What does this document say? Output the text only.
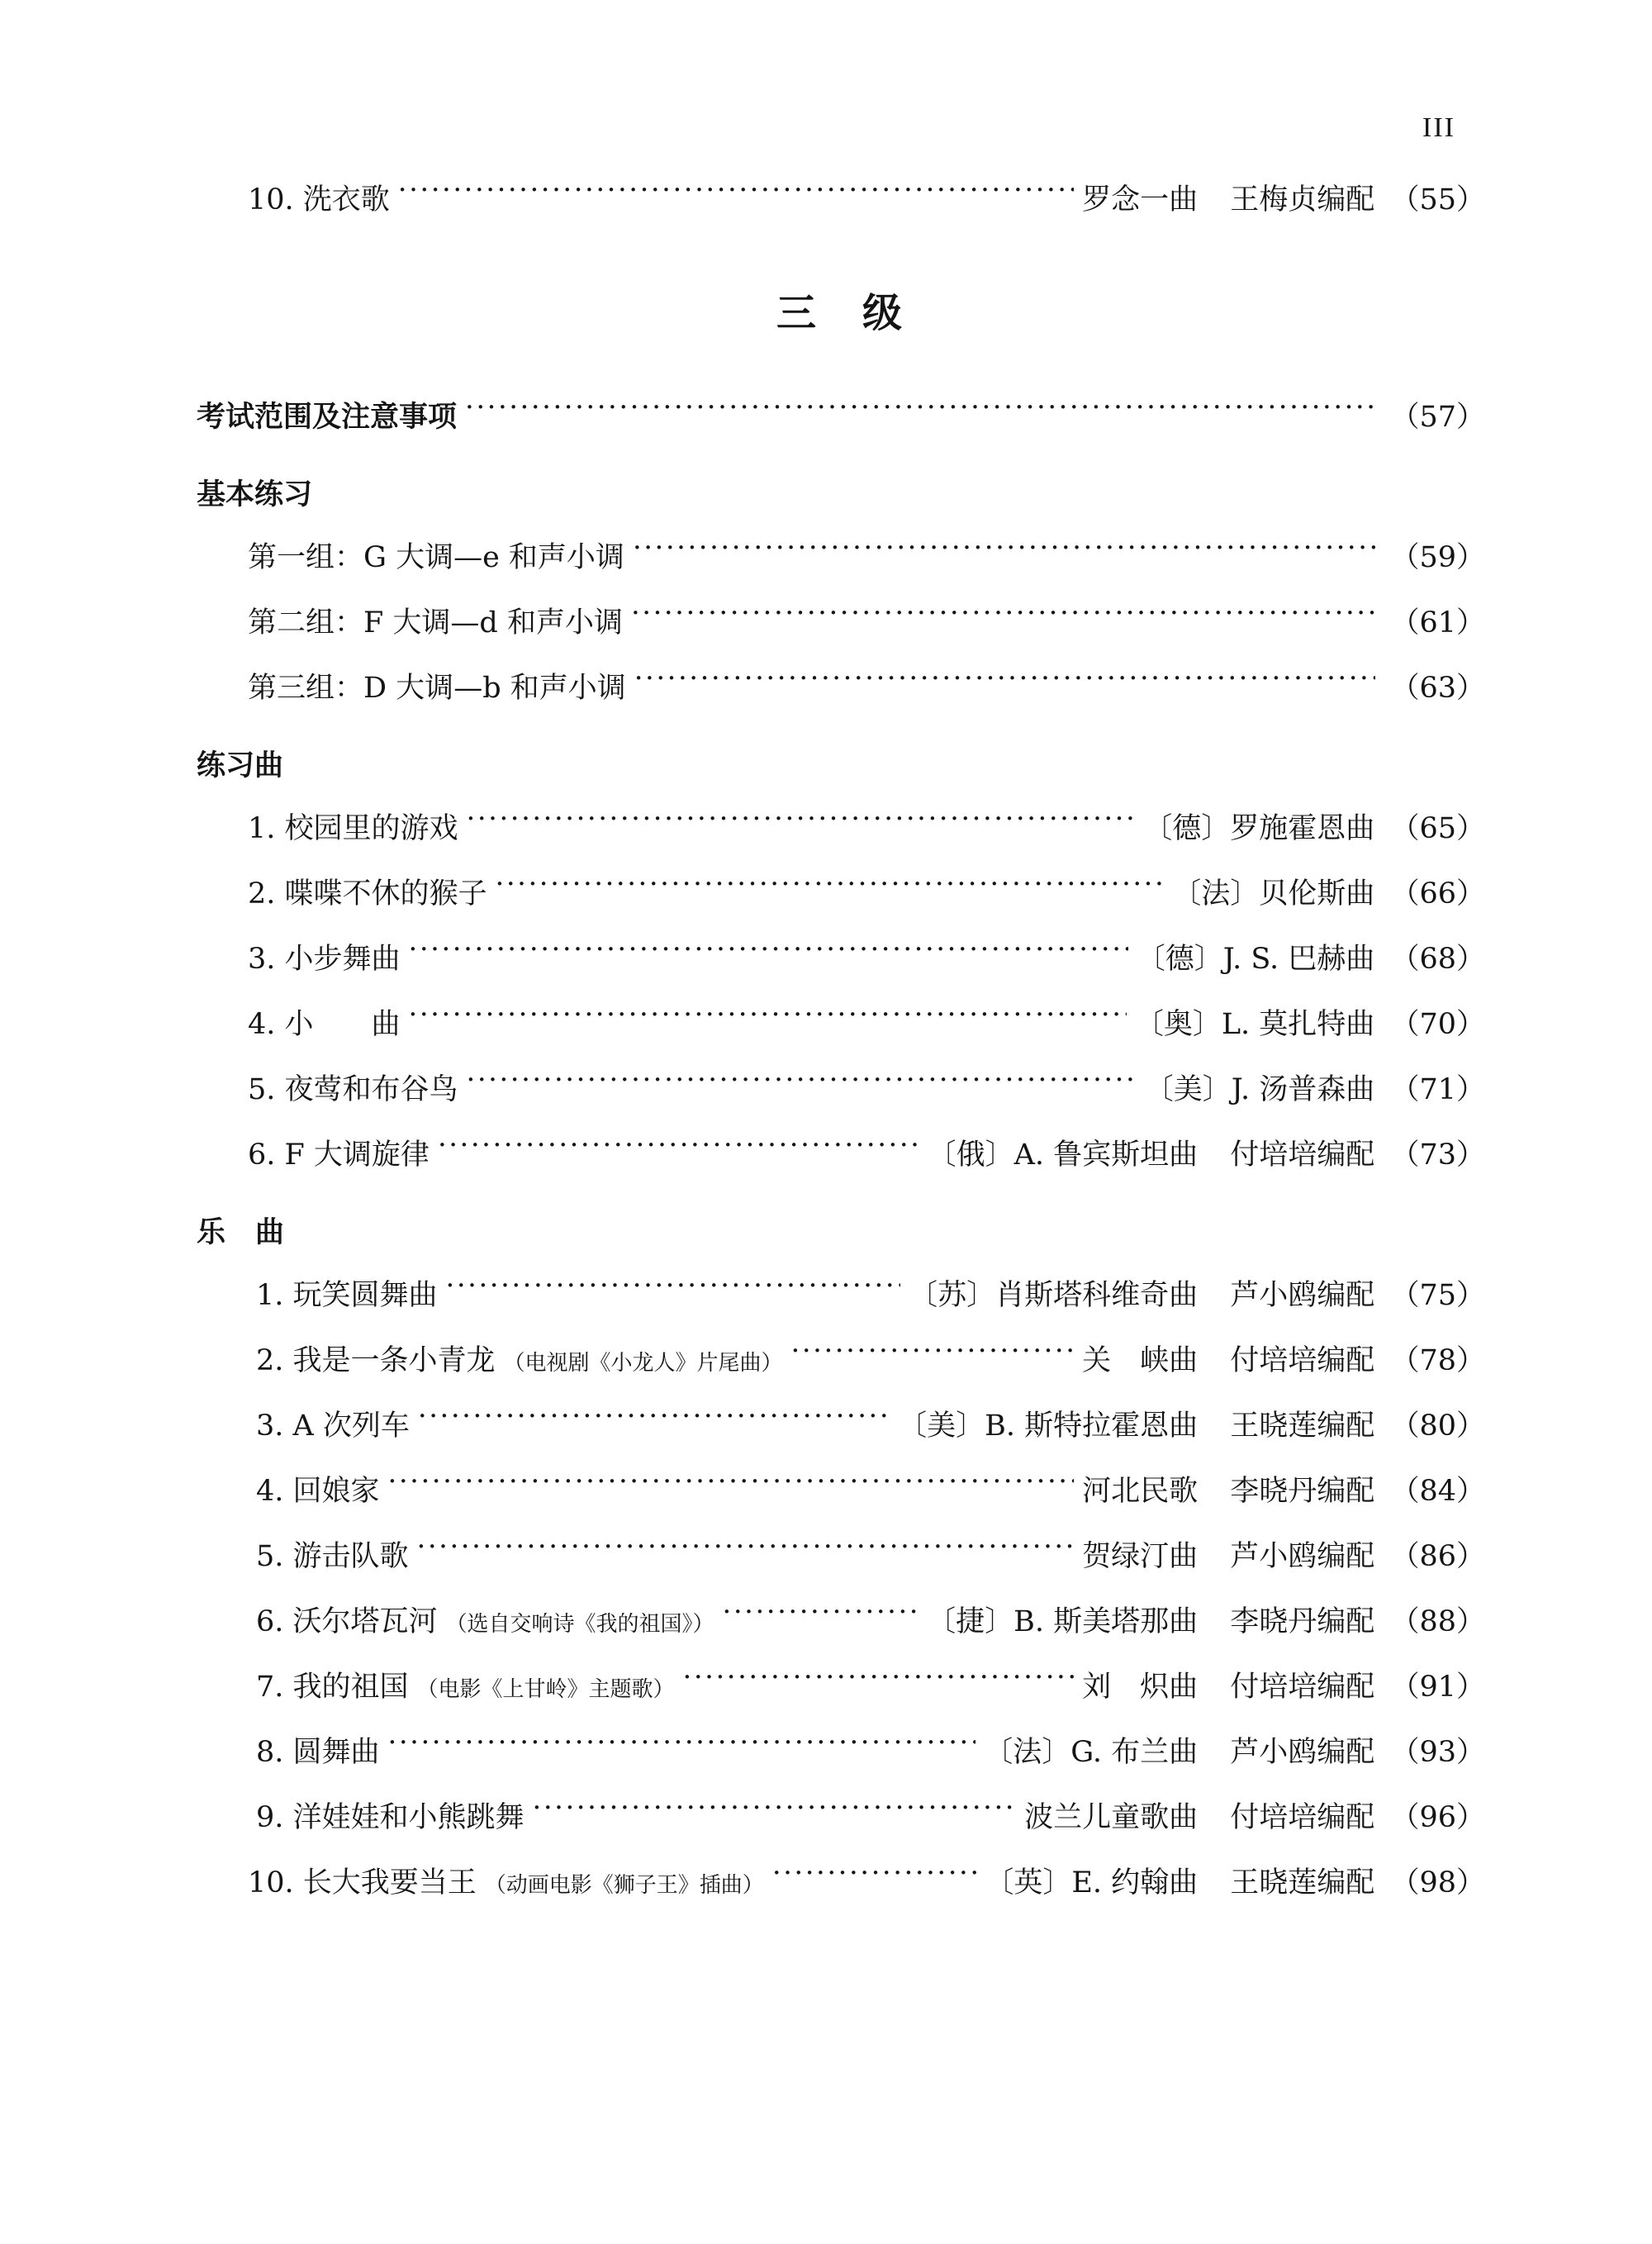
III
10. 洗衣歌 ·····	罗念一曲 王梅贞编配 （55）
三 级
考试范围及注意事项 ·····	（57）
基本练习
第一组：G 大调—e 和声小调 ·····	（59）
第二组：F 大调—d 和声小调 ·····	（61）
第三组：D 大调—b 和声小调 ·····	（63）
练习曲
1. 校园里的游戏 ·····	〔德〕罗施霍恩曲 （65）
2. 喋喋不休的猴子 ·····	〔法〕贝伦斯曲 （66）
3. 小步舞曲 ·····	〔德〕J. S. 巴赫曲 （68）
4. 小　　曲 ·····	〔奥〕L. 莫扎特曲 （70）
5. 夜莺和布谷鸟 ·····	〔美〕J. 汤普森曲 （71）
6. F 大调旋律 ·····	〔俄〕A. 鲁宾斯坦曲 付培培编配 （73）
乐 曲
1. 玩笑圆舞曲 ·····	〔苏〕肖斯塔科维奇曲 芦小鸥编配 （75）
2. 我是一条小青龙 （电视剧《小龙人》片尾曲） ·····	关　峡曲 付培培编配 （78）
3. A 次列车 ·····	〔美〕B. 斯特拉霍恩曲 王晓莲编配 （80）
4. 回娘家 ·····	河北民歌 李晓丹编配 （84）
5. 游击队歌 ·····	贺绿汀曲 芦小鸥编配 （86）
6. 沃尔塔瓦河 （选自交响诗《我的祖国》） ·····	〔捷〕B. 斯美塔那曲 李晓丹编配 （88）
7. 我的祖国 （电影《上甘岭》主题歌） ·····	刘　炽曲 付培培编配 （91）
8. 圆舞曲 ·····	〔法〕G. 布兰曲 芦小鸥编配 （93）
9. 洋娃娃和小熊跳舞 ·····	波兰儿童歌曲 付培培编配 （96）
10. 长大我要当王 （动画电影《狮子王》插曲） ·····	〔英〕E. 约翰曲 王晓莲编配 （98）
